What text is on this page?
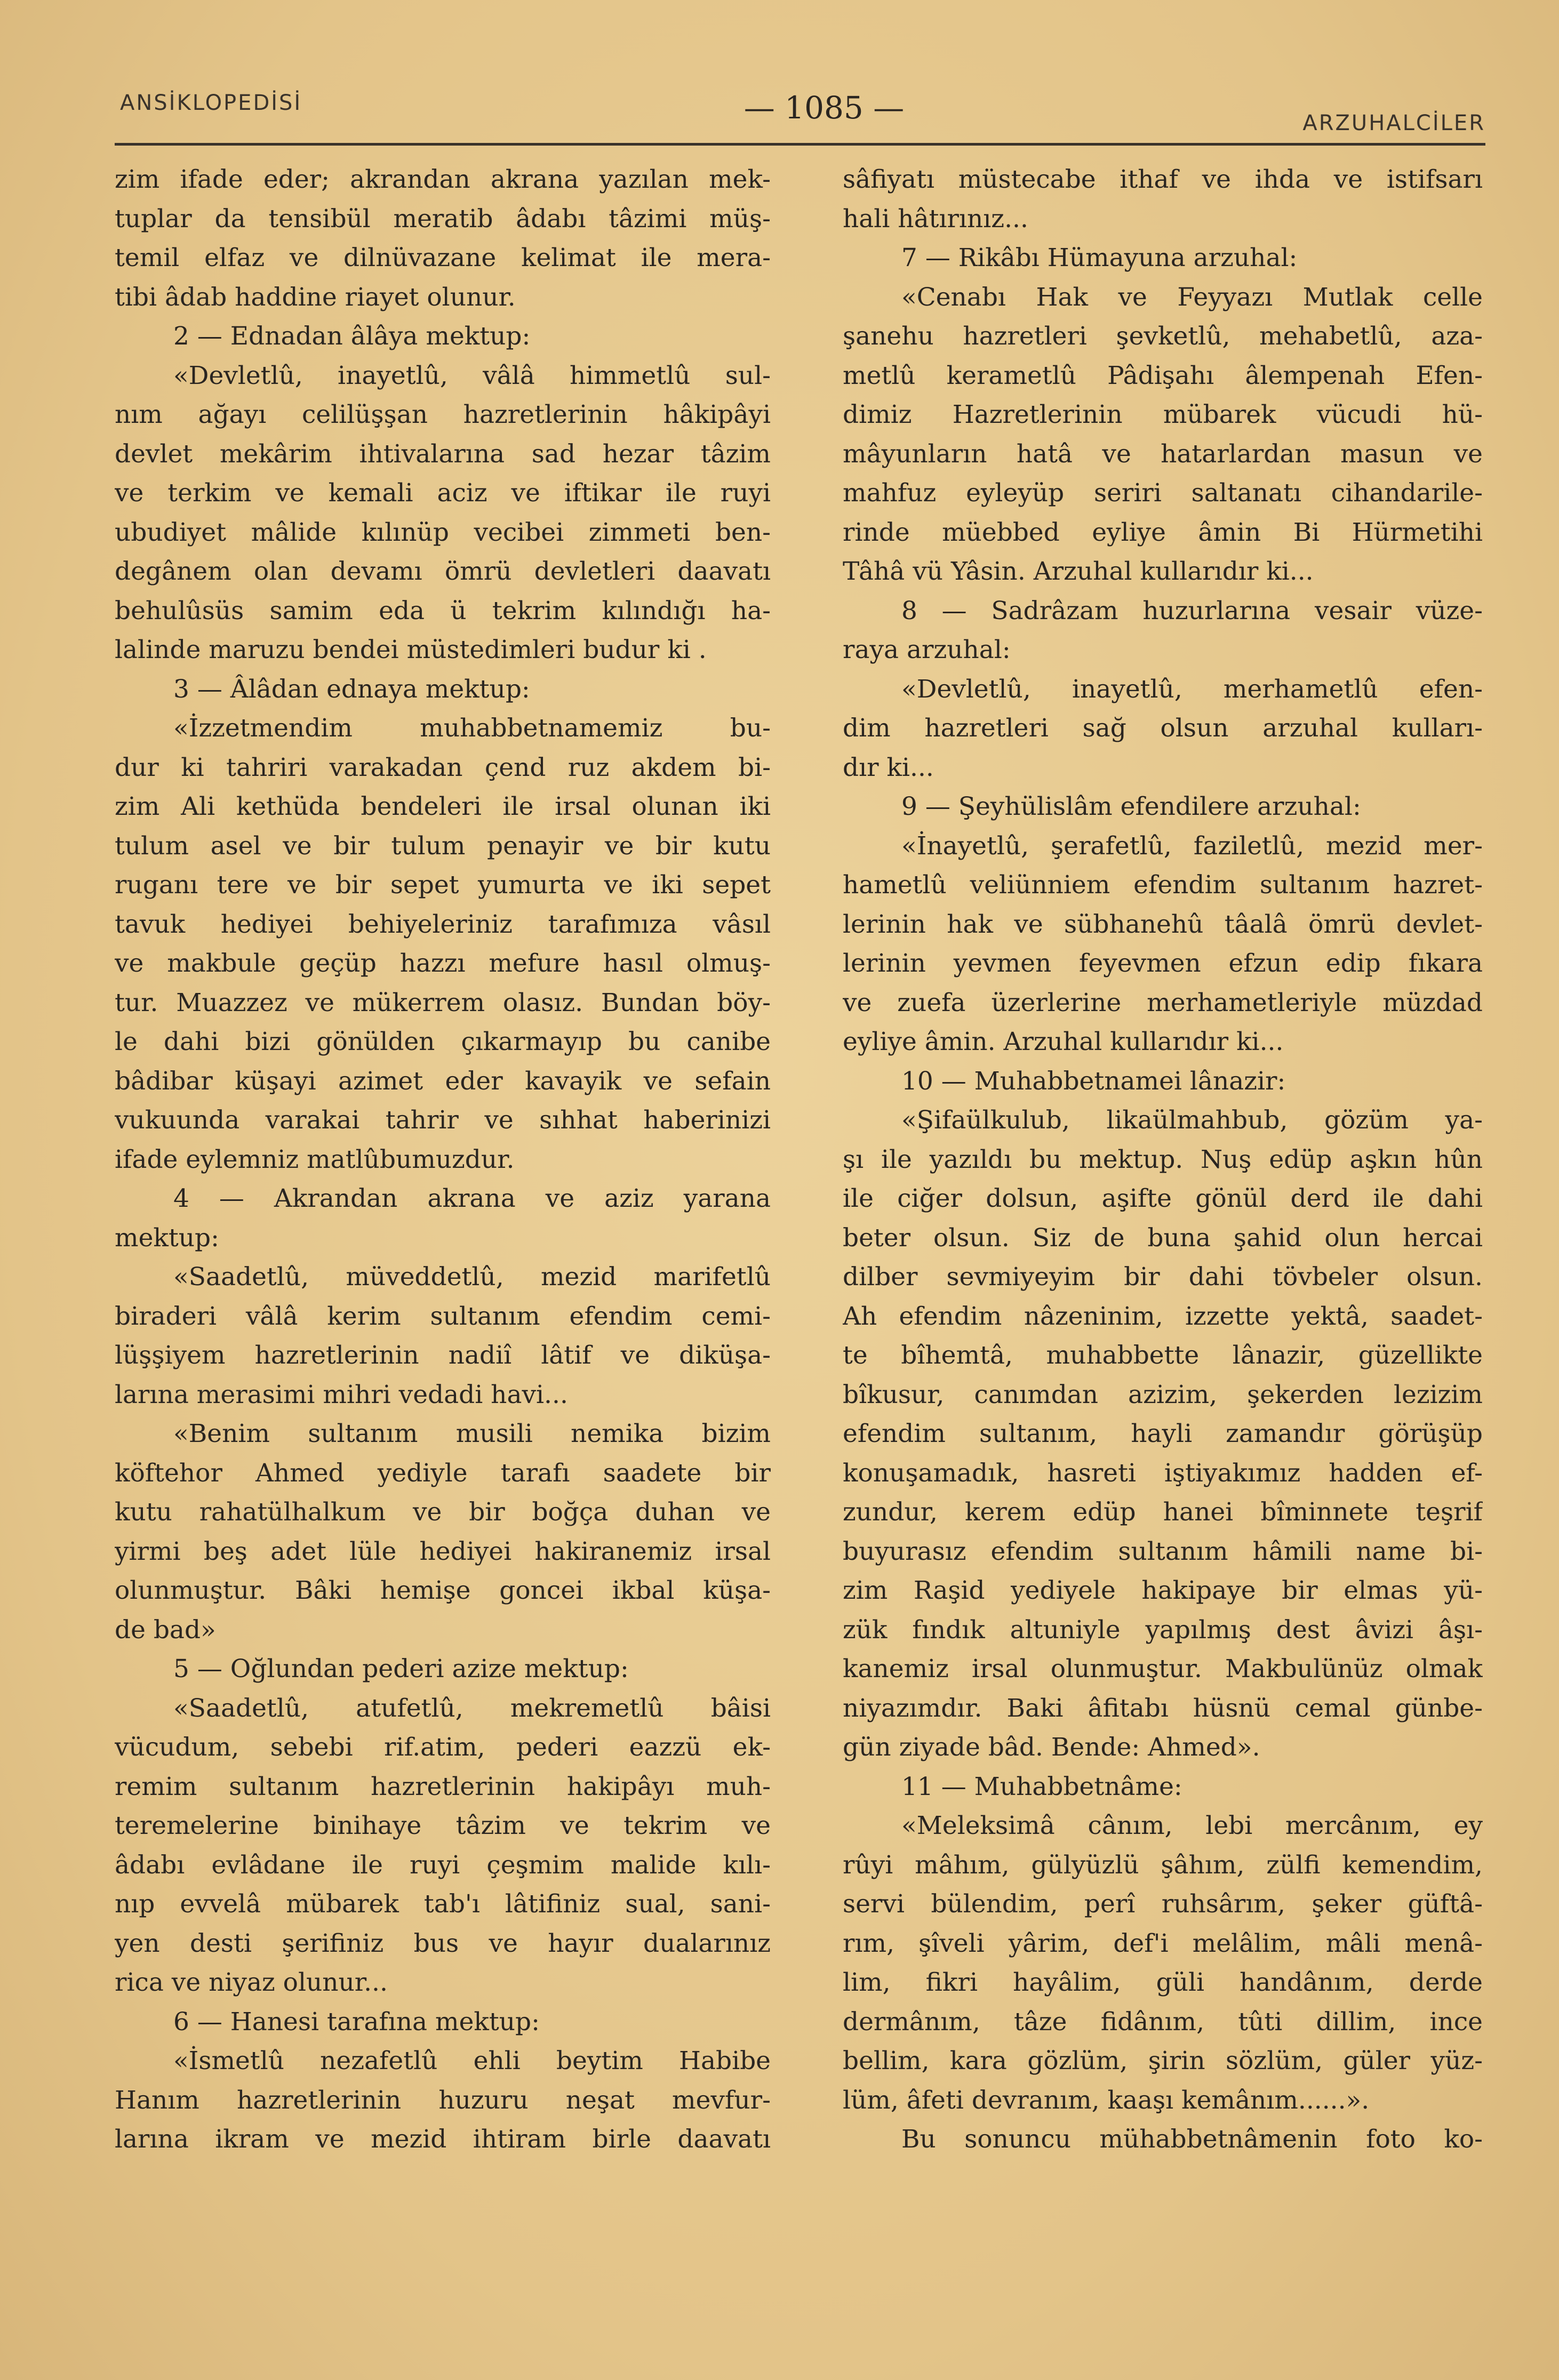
ANSİKLOPEDİSİ	— 1085 —	ARZUHALCİLER
zim ifade eder; akrandan akrana yazılan mek-
tuplar da tensibül meratib âdabı tâzimi müş-
temil elfaz ve dilnüvazane kelimat ile mera-
tibi âdab haddine riayet olunur.
2 — Ednadan âlâya mektup:
«Devletlû, inayetlû, vâlâ himmetlû sul-
nım ağayı celilüşşan hazretlerinin hâkipâyi
devlet mekârim ihtivalarına sad hezar tâzim
ve terkim ve kemali aciz ve iftikar ile ruyi
ubudiyet mâlide kılınüp vecibei zimmeti ben-
degânem olan devamı ömrü devletleri daavatı
behulûsüs samim eda ü tekrim kılındığı ha-
lalinde maruzu bendei müstedimleri budur ki .
3 — Âlâdan ednaya mektup:
«İzzetmendim muhabbetnamemiz bu-
dur ki tahriri varakadan çend ruz akdem bi-
zim Ali kethüda bendeleri ile irsal olunan iki
tulum asel ve bir tulum penayir ve bir kutu
ruganı tere ve bir sepet yumurta ve iki sepet
tavuk hediyei behiyeleriniz tarafımıza vâsıl
ve makbule geçüp hazzı mefure hasıl olmuş-
tur. Muazzez ve mükerrem olasız. Bundan böy-
le dahi bizi gönülden çıkarmayıp bu canibe
bâdibar küşayi azimet eder kavayik ve sefain
vukuunda varakai tahrir ve sıhhat haberinizi
ifade eylemniz matlûbumuzdur.
4 — Akrandan akrana ve aziz yarana
mektup:
«Saadetlû, müveddetlû, mezid marifetlû
biraderi vâlâ kerim sultanım efendim cemi-
lüşşiyem hazretlerinin nadiî lâtif ve diküşa-
larına merasimi mihri vedadi havi...
«Benim sultanım musili nemika bizim
köftehor Ahmed yediyle tarafı saadete bir
kutu rahatülhalkum ve bir boğça duhan ve
yirmi beş adet lüle hediyei hakiranemiz irsal
olunmuştur. Bâki hemişe goncei ikbal küşa-
de bad»
5 — Oğlundan pederi azize mektup:
«Saadetlû, atufetlû, mekremetlû bâisi
vücudum, sebebi rif.atim, pederi eazzü ek-
remim sultanım hazretlerinin hakipâyı muh-
teremelerine binihaye tâzim ve tekrim ve
âdabı evlâdane ile ruyi çeşmim malide kılı-
nıp evvelâ mübarek tab'ı lâtifiniz sual, sani-
yen desti şerifiniz bus ve hayır dualarınız
rica ve niyaz olunur...
6 — Hanesi tarafına mektup:
«İsmetlû nezafetlû ehli beytim Habibe
Hanım hazretlerinin huzuru neşat mevfur-
larına ikram ve mezid ihtiram birle daavatı
sâfiyatı müstecabe ithaf ve ihda ve istifsarı
hali hâtırınız...
7 — Rikâbı Hümayuna arzuhal:
«Cenabı Hak ve Feyyazı Mutlak celle
şanehu hazretleri şevketlû, mehabetlû, aza-
metlû kerametlû Pâdişahı âlempenah Efen-
dimiz Hazretlerinin mübarek vücudi hü-
mâyunların hatâ ve hatarlardan masun ve
mahfuz eyleyüp seriri saltanatı cihandarile-
rinde müebbed eyliye âmin Bi Hürmetihi
Tâhâ vü Yâsin. Arzuhal kullarıdır ki...
8 — Sadrâzam huzurlarına vesair vüze-
raya arzuhal:
«Devletlû, inayetlû, merhametlû efen-
dim hazretleri sağ olsun arzuhal kulları-
dır ki...
9 — Şeyhülislâm efendilere arzuhal:
«İnayetlû, şerafetlû, faziletlû, mezid mer-
hametlû veliünniem efendim sultanım hazret-
lerinin hak ve sübhanehû tâalâ ömrü devlet-
lerinin yevmen feyevmen efzun edip fıkara
ve zuefa üzerlerine merhametleriyle müzdad
eyliye âmin. Arzuhal kullarıdır ki...
10 — Muhabbetnamei lânazir:
«Şifaülkulub, likaülmahbub, gözüm ya-
şı ile yazıldı bu mektup. Nuş edüp aşkın hûn
ile ciğer dolsun, aşifte gönül derd ile dahi
beter olsun. Siz de buna şahid olun hercai
dilber sevmiyeyim bir dahi tövbeler olsun.
Ah efendim nâzeninim, izzette yektâ, saadet-
te bîhemtâ, muhabbette lânazir, güzellikte
bîkusur, canımdan azizim, şekerden lezizim
efendim sultanım, hayli zamandır görüşüp
konuşamadık, hasreti iştiyakımız hadden ef-
zundur, kerem edüp hanei bîminnete teşrif
buyurasız efendim sultanım hâmili name bi-
zim Raşid yediyele hakipaye bir elmas yü-
zük fındık altuniyle yapılmış dest âvizi âşı-
kanemiz irsal olunmuştur. Makbulünüz olmak
niyazımdır. Baki âfitabı hüsnü cemal günbe-
gün ziyade bâd. Bende: Ahmed».
11 — Muhabbetnâme:
«Meleksimâ cânım, lebi mercânım, ey
rûyi mâhım, gülyüzlü şâhım, zülfi kemendim,
servi bülendim, perî ruhsârım, şeker güftâ-
rım, şîveli yârim, def'i melâlim, mâli menâ-
lim, fikri hayâlim, güli handânım, derde
dermânım, tâze fidânım, tûti dillim, ince
bellim, kara gözlüm, şirin sözlüm, güler yüz-
lüm, âfeti devranım, kaaşı kemânım......».
Bu sonuncu mühabbetnâmenin foto ko-
